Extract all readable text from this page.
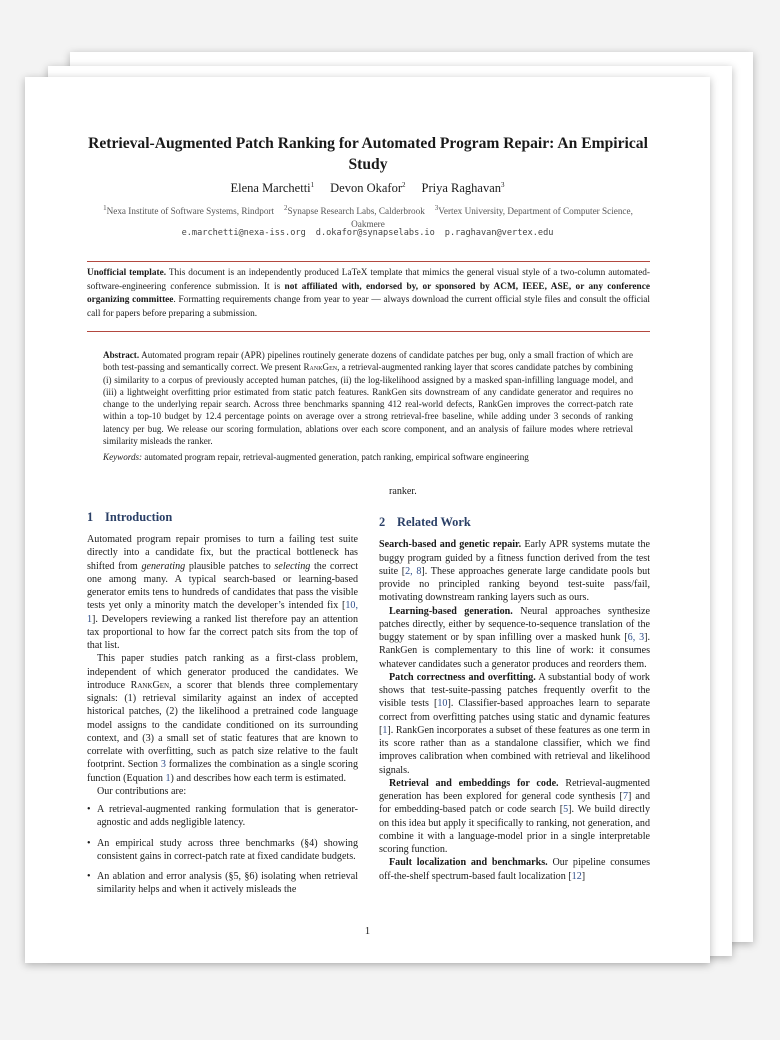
Retrieval-Augmented Patch Ranking for Automated Program Repair: An Empirical Study
Elena Marchetti$^1$ Devon Okafor$^2$ Priya Raghavan$^3$
$^1$Nexa Institute of Software Systems, Rindport $^2$Synapse Research Labs, Calderbrook $^3$Vertex University, Department of Computer Science, Oakmere
e.marchetti@nexa-iss.org d.okafor@synapselabs.io p.raghavan@vertex.edu
Unofficial template. This document is an independently produced LaTeX template that mimics the general visual style of a two-column automated-software-engineering conference submission. It is not affiliated with, endorsed by, or sponsored by ACM, IEEE, ASE, or any conference organizing committee. Formatting requirements change from year to year — always download the current official style files and consult the official call for papers before preparing a submission.
Abstract. Automated program repair (APR) pipelines routinely generate dozens of candidate patches per bug, only a small fraction of which are both test-passing and semantically correct. We present RankGen, a retrieval-augmented ranking layer that scores candidate patches by combining (i) similarity to a corpus of previously accepted human patches, (ii) the log-likelihood assigned by a masked span-infilling language model, and (iii) a lightweight overfitting prior estimated from static patch features. RankGen sits downstream of any candidate generator and requires no change to the underlying repair search. Across three benchmarks spanning 412 real-world defects, RankGen improves the correct-patch rate within a top-10 budget by 12.4 percentage points on average over a strong retrieval-free baseline, while adding under 3 seconds of ranking latency per bug. We release our scoring formulation, ablations over each score component, and an analysis of failure modes where retrieval similarity misleads the ranker.
Keywords: automated program repair, retrieval-augmented generation, patch ranking, empirical software engineering
1 Introduction

Automated program repair promises to turn a failing test suite directly into a candidate fix, but the practical bottleneck has shifted from generating plausible patches to selecting the correct one among many. A typical search-based or learning-based generator emits tens to hundreds of candidates that pass the visible tests yet only a minority match the developer’s intended fix [10, 1]. Developers reviewing a ranked list therefore pay an attention tax proportional to how far the correct patch sits from the top of that list.

This paper studies patch ranking as a first-class problem, independent of which generator produced the candidates. We introduce RankGen, a scorer that blends three complementary signals: (1) retrieval similarity against an index of accepted historical patches, (2) the likelihood a pretrained code language model assigns to the candidate conditioned on its surrounding context, and (3) a small set of static features that are known to correlate with overfitting, such as patch size relative to the fault footprint. Section 3 formalizes the combination as a single scoring function (Equation 1) and describes how each term is estimated.

Our contributions are:

• A retrieval-augmented ranking formulation that is generator-agnostic and adds negligible latency.
• An empirical study across three benchmarks (§4) showing consistent gains in correct-patch rate at fixed candidate budgets.
• An ablation and error analysis (§5, §6) isolating when retrieval similarity helps and when it actively misleads the

ranker.

2 Related Work

Search-based and genetic repair. Early APR systems mutate the buggy program guided by a fitness function derived from the test suite [2, 8]. These approaches generate large candidate pools but provide no principled ranking beyond test-suite pass/fail, motivating downstream ranking layers such as ours.

Learning-based generation. Neural approaches synthesize patches directly, either by sequence-to-sequence translation of the buggy statement or by span infilling over a masked hunk [6, 3]. RankGen is complementary to this line of work: it consumes whatever candidates such a generator produces and reorders them.

Patch correctness and overfitting. A substantial body of work shows that test-suite-passing patches frequently overfit to the visible tests [10]. Classifier-based approaches learn to separate correct from overfitting patches using static and dynamic features [1]. RankGen incorporates a subset of these features as one term in its score rather than as a standalone classifier, which we find improves calibration when combined with retrieval and likelihood signals.

Retrieval and embeddings for code. Retrieval-augmented generation has been explored for general code synthesis [7] and for embedding-based patch or code search [5]. We build directly on this idea but apply it specifically to ranking, not generation, and combine it with a language-model prior in a single interpretable scoring function.

Fault localization and benchmarks. Our pipeline consumes off-the-shelf spectrum-based fault localization [12]

1
